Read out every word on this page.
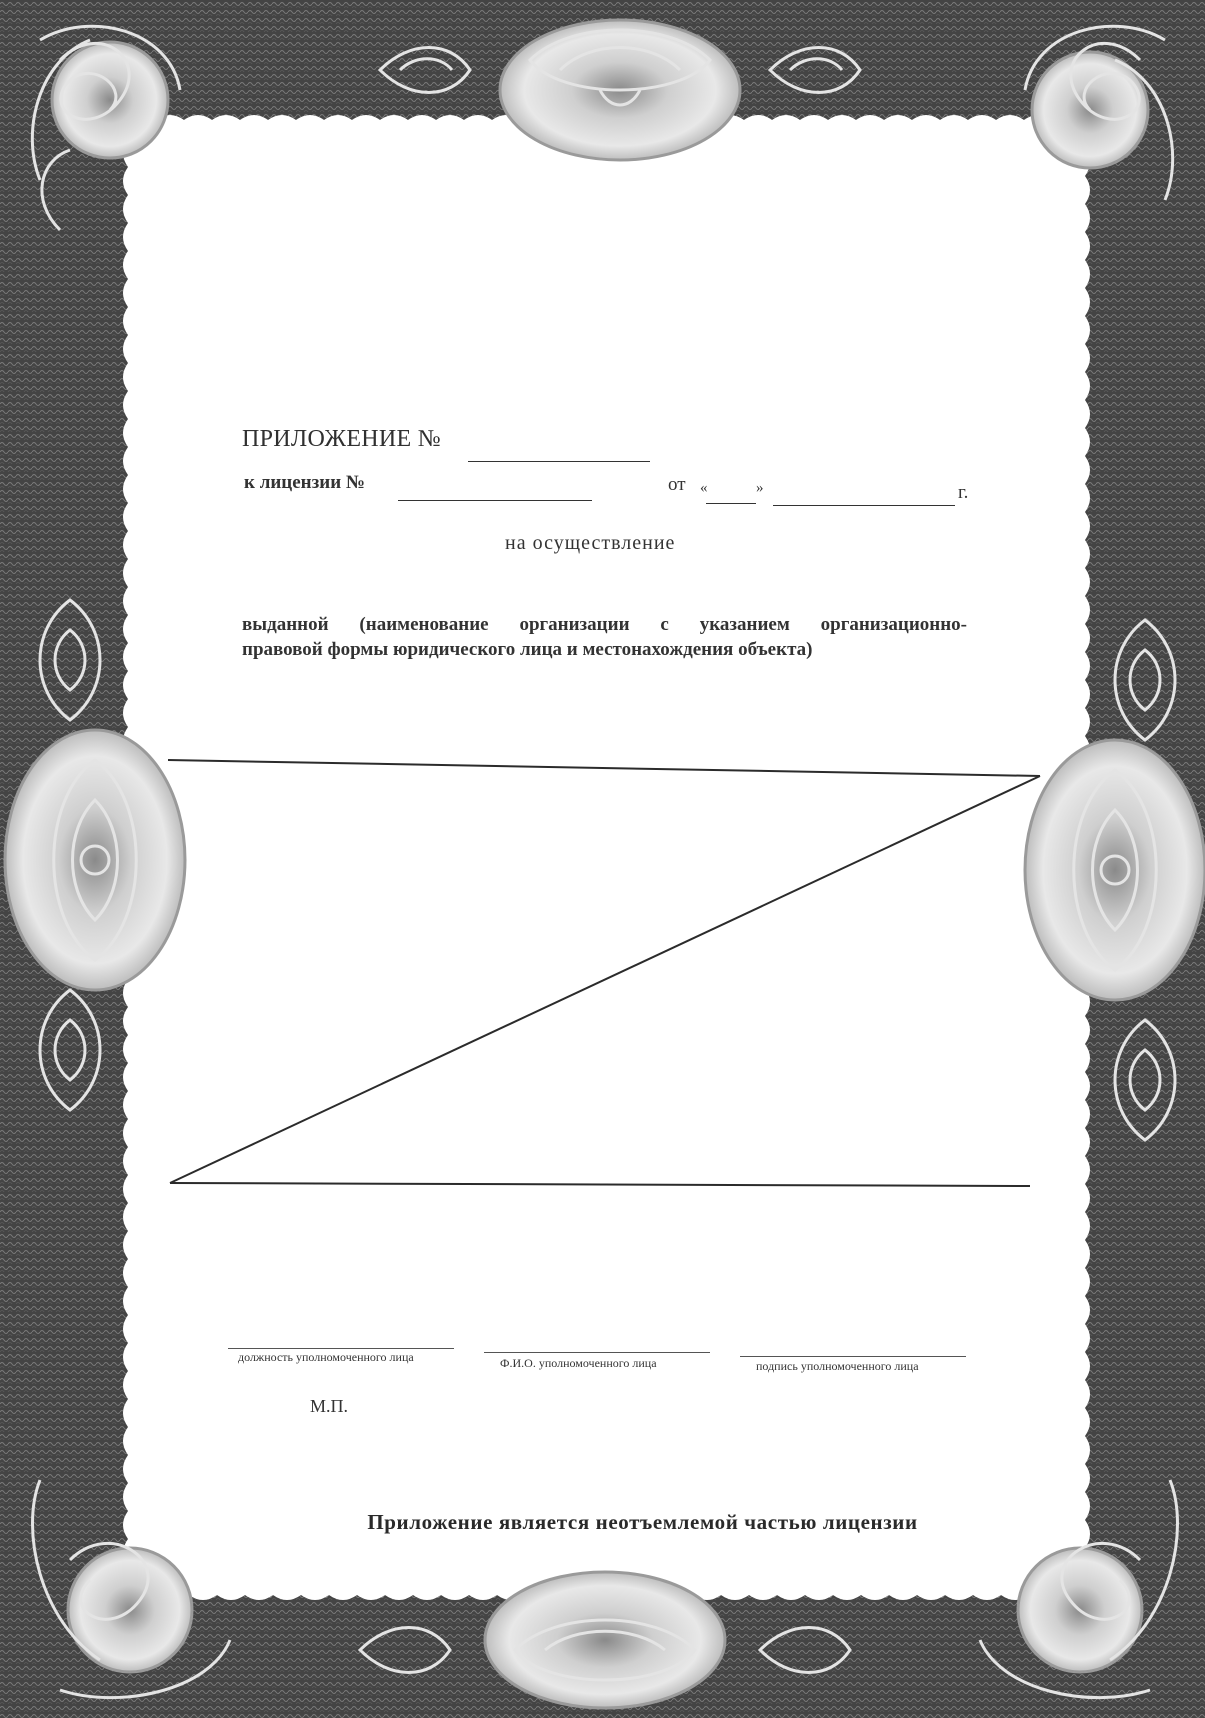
ПРИЛОЖЕНИЕ №
к лицензии №	от «	»	г.
на осуществление
выданной (наименование организации с указанием организационно-
правовой формы юридического лица и местонахождения объекта)
должность уполномоченного лица	Ф.И.О. уполномоченного лица	подпись уполномоченного лица
М.П.
Приложение является неотъемлемой частью лицензии
